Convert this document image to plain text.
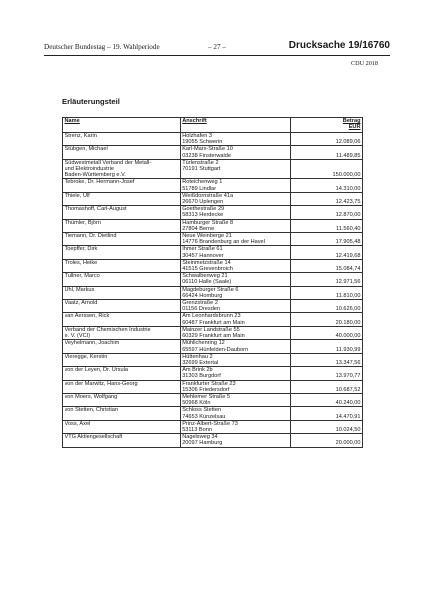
Deutscher Bundestag – 19. Wahlperiode	– 27 –	Drucksache 19/16760
CDU 2018
Erläuterungsteil
Name	Anschrift	Betrag
EUR

Strenz, Karin	Holzhafen 3
19055 Schwerin	12.089,06

Stübgen, Michael	Karl-Marx-Straße 10
03238 Finsterwalde	11.489,85

Südwestmetall Verband der Metall-
und Elektroindustrie
Baden-Württemberg e.V.	Türlenstraße 2
70191 Stuttgart	150.000,00

Tebroke, Dr. Hermann-Josef	Roteichenweg 1
51789 Lindlar	14.310,00

Thiele, Ulf	Weißdornstraße 41a
26670 Uplengen	12.423,75

Thomashoff, Carl-August	Goethestraße 29
58313 Herdecke	12.870,00

Thümler, Björn	Hamburger Straße 8
27804 Berne	11.560,40

Tiemann, Dr. Dietlind	Neue Weinberge 21
14776 Brandenburg an der Havel	17.905,48

Toepffer, Dirk	Ihmer Straße 61
30457 Hannover	12.419,68

Troles, Heike	Steinmetzstraße 14
41515 Grevenbroich	15.084,74

Tullner, Marco	Schwalbenweg 21
06110 Halle (Saale)	12.971,56

Uhl, Markus	Magdeburger Straße 6
66424 Homburg	11.810,00

Vaatz, Arnold	Grenzstraße 2
01156 Dresden	10.626,00

van Aerssen, Rick	Am Leonhardsbrunn 23
60487 Frankfurt am Main	20.180,00

Verband der Chemischen Industrie
e. V. (VCI)	Mainzer Landstraße 55
60329 Frankfurt am Main	40.000,00

Veyhelmann, Joachim	Mühlichenring 12
65597 Hünfelden-Dauborn	11.930,99

Vieregge, Kerstin	Hüttenhau 2
32699 Extertal	13.347,56

von der Leyen, Dr. Ursula	Am Brink 2b
31303 Burgdorf	13.970,77

von der Marwitz, Hans-Georg	Frankfurter Straße 23
15306 Friedersdorf	10.687,52

von Moers, Wolfgang	Mehlemer Straße 5
50968 Köln	40.240,00

von Stetten, Christian	Schloss Stetten
74653 Künzelsau	14.470,91

Voss, Axel	Prinz-Albert-Straße 73
53113 Bonn	10.024,50

VTG Aktiengesellschaft	Nagelsweg 34
20097 Hamburg	20.000,00
